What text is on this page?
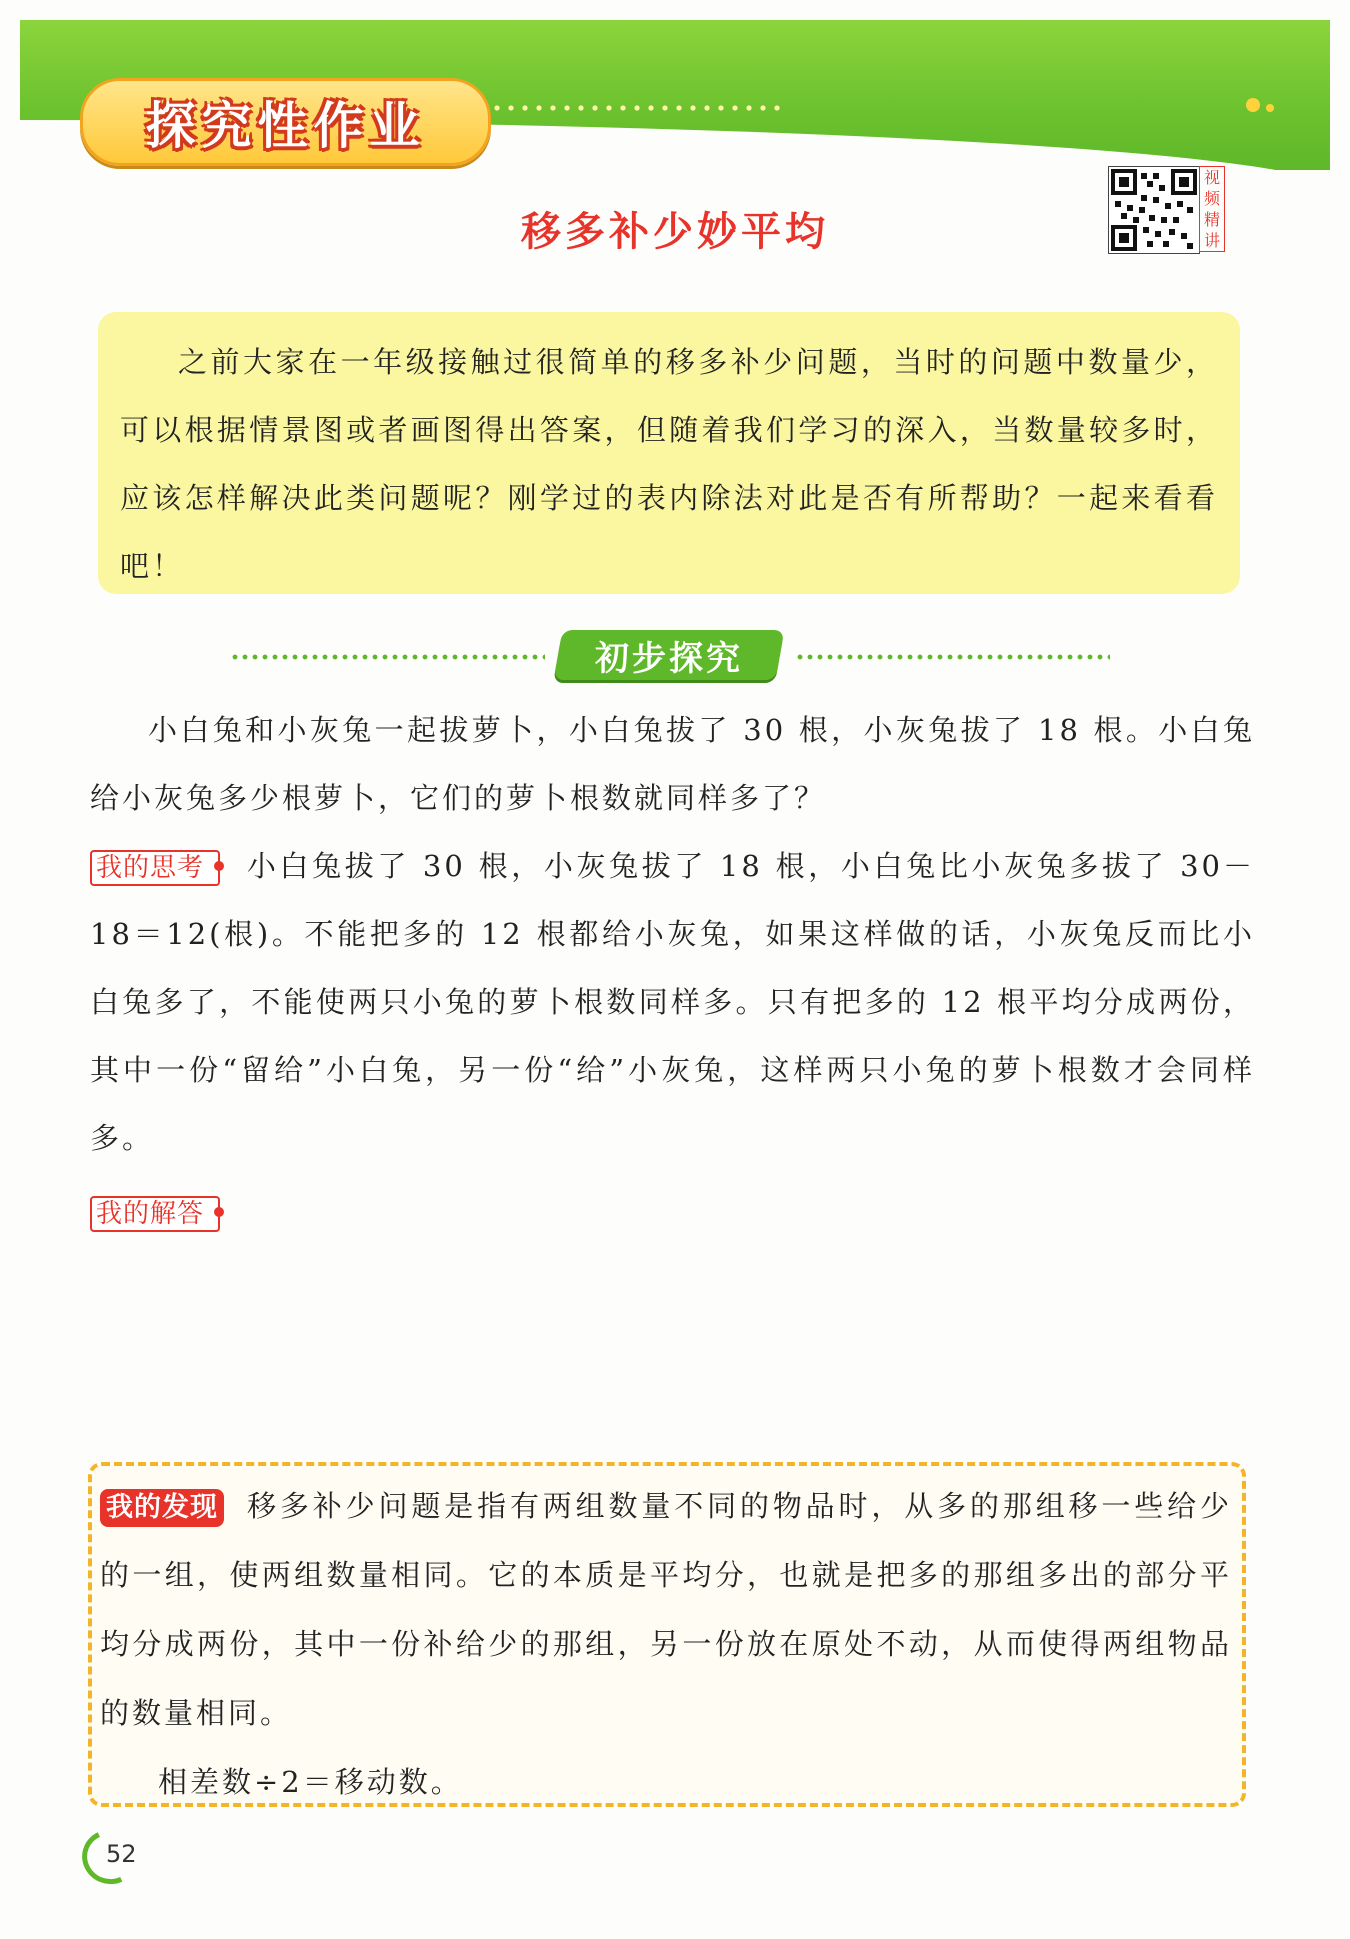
探究性作业
移多补少妙平均
视
频
精
讲

之前大家在一年级接触过很简单的移多补少问题，当时的问题中数量少，可以根据情景图或者画图得出答案，但随着我们学习的深入，当数量较多时，应该怎样解决此类问题呢？刚学过的表内除法对此是否有所帮助？一起来看看吧！

初步探究

小白兔和小灰兔一起拔萝卜，小白兔拔了 30 根，小灰兔拔了 18 根。小白兔给小灰兔多少根萝卜，它们的萝卜根数就同样多了？

我的思考 小白兔拔了 30 根，小灰兔拔了 18 根，小白兔比小灰兔多拔了 30－18＝12(根)。不能把多的 12 根都给小灰兔，如果这样做的话，小灰兔反而比小白兔多了，不能使两只小兔的萝卜根数同样多。只有把多的 12 根平均分成两份，其中一份“留给”小白兔，另一份“给”小灰兔，这样两只小兔的萝卜根数才会同样多。

我的解答

我的发现 移多补少问题是指有两组数量不同的物品时，从多的那组移一些给少的一组，使两组数量相同。它的本质是平均分，也就是把多的那组多出的部分平均分成两份，其中一份补给少的那组，另一份放在原处不动，从而使得两组物品的数量相同。

相差数÷2＝移动数。

52
